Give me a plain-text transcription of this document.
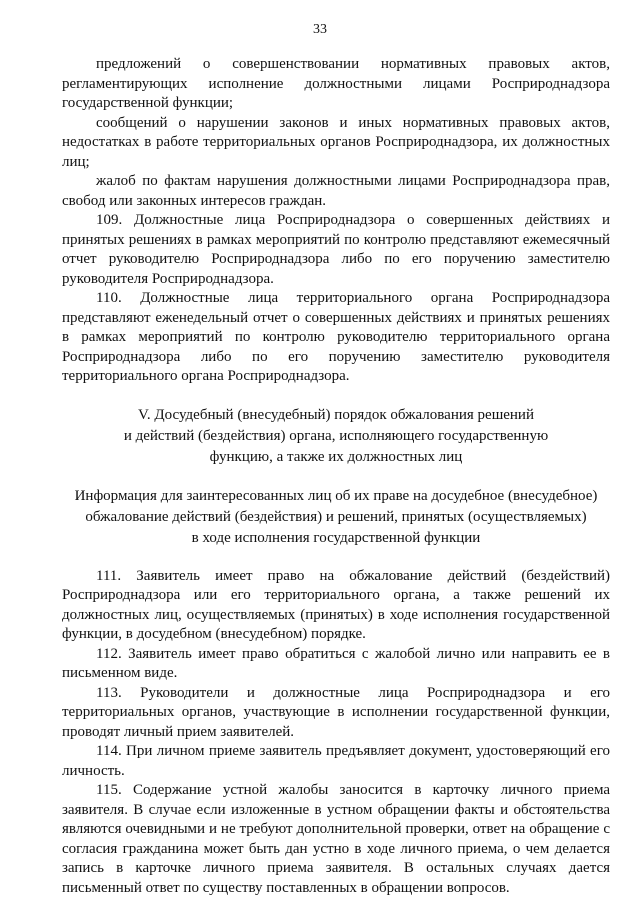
33

предложений о совершенствовании нормативных правовых актов, регламентирующих исполнение должностными лицами Росприроднадзора государственной функции;

сообщений о нарушении законов и иных нормативных правовых актов, недостатках в работе территориальных органов Росприроднадзора, их должностных лиц;

жалоб по фактам нарушения должностными лицами Росприроднадзора прав, свобод или законных интересов граждан.

109. Должностные лица Росприроднадзора о совершенных действиях и принятых решениях в рамках мероприятий по контролю представляют ежемесячный отчет руководителю Росприроднадзора либо по его поручению заместителю руководителя Росприроднадзора.

110. Должностные лица территориального органа Росприроднадзора представляют еженедельный отчет о совершенных действиях и принятых решениях в рамках мероприятий по контролю руководителю территориального органа Росприроднадзора либо по его поручению заместителю руководителя территориального органа Росприроднадзора.

V. Досудебный (внесудебный) порядок обжалования решений

и действий (бездействия) органа, исполняющего государственную

функцию, а также их должностных лиц

Информация для заинтересованных лиц об их праве на досудебное (внесудебное)

обжалование действий (бездействия) и решений, принятых (осуществляемых)

в ходе исполнения государственной функции

111. Заявитель имеет право на обжалование действий (бездействий) Росприроднадзора или его территориального органа, а также решений их должностных лиц, осуществляемых (принятых) в ходе исполнения государственной функции, в досудебном (внесудебном) порядке.

112. Заявитель имеет право обратиться с жалобой лично или направить ее в письменном виде.

113. Руководители и должностные лица Росприроднадзора и его территориальных органов, участвующие в исполнении государственной функции, проводят личный прием заявителей.

114. При личном приеме заявитель предъявляет документ, удостоверяющий его личность.

115. Содержание устной жалобы заносится в карточку личного приема заявителя. В случае если изложенные в устном обращении факты и обстоятельства являются очевидными и не требуют дополнительной проверки, ответ на обращение с согласия гражданина может быть дан устно в ходе личного приема, о чем делается запись в карточке личного приема заявителя. В остальных случаях дается письменный ответ по существу поставленных в обращении вопросов.
